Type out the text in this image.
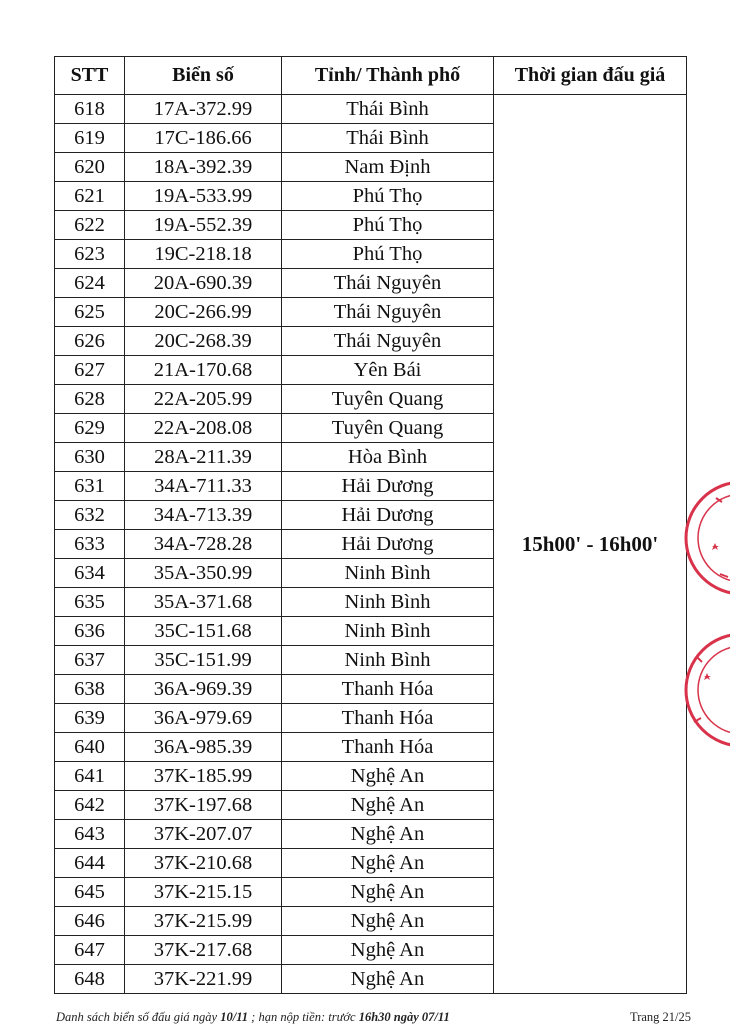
STT	Biển số	Tỉnh/ Thành phố	Thời gian đấu giá
618	17A-372.99	Thái Bình	15h00' - 16h00'
619	17C-186.66	Thái Bình	
620	18A-392.39	Nam Định	
621	19A-533.99	Phú Thọ	
622	19A-552.39	Phú Thọ	
623	19C-218.18	Phú Thọ	
624	20A-690.39	Thái Nguyên	
625	20C-266.99	Thái Nguyên	
626	20C-268.39	Thái Nguyên	
627	21A-170.68	Yên Bái	
628	22A-205.99	Tuyên Quang	
629	22A-208.08	Tuyên Quang	
630	28A-211.39	Hòa Bình	
631	34A-711.33	Hải Dương	
632	34A-713.39	Hải Dương	
633	34A-728.28	Hải Dương	
634	35A-350.99	Ninh Bình	
635	35A-371.68	Ninh Bình	
636	35C-151.68	Ninh Bình	
637	35C-151.99	Ninh Bình	
638	36A-969.39	Thanh Hóa	
639	36A-979.69	Thanh Hóa	
640	36A-985.39	Thanh Hóa	
641	37K-185.99	Nghệ An	
642	37K-197.68	Nghệ An	
643	37K-207.07	Nghệ An	
644	37K-210.68	Nghệ An	
645	37K-215.15	Nghệ An	
646	37K-215.99	Nghệ An	
647	37K-217.68	Nghệ An	
648	37K-221.99	Nghệ An	
Danh sách biển số đấu giá ngày 10/11 ; hạn nộp tiền: trước 16h30 ngày 07/11	Trang 21/25
